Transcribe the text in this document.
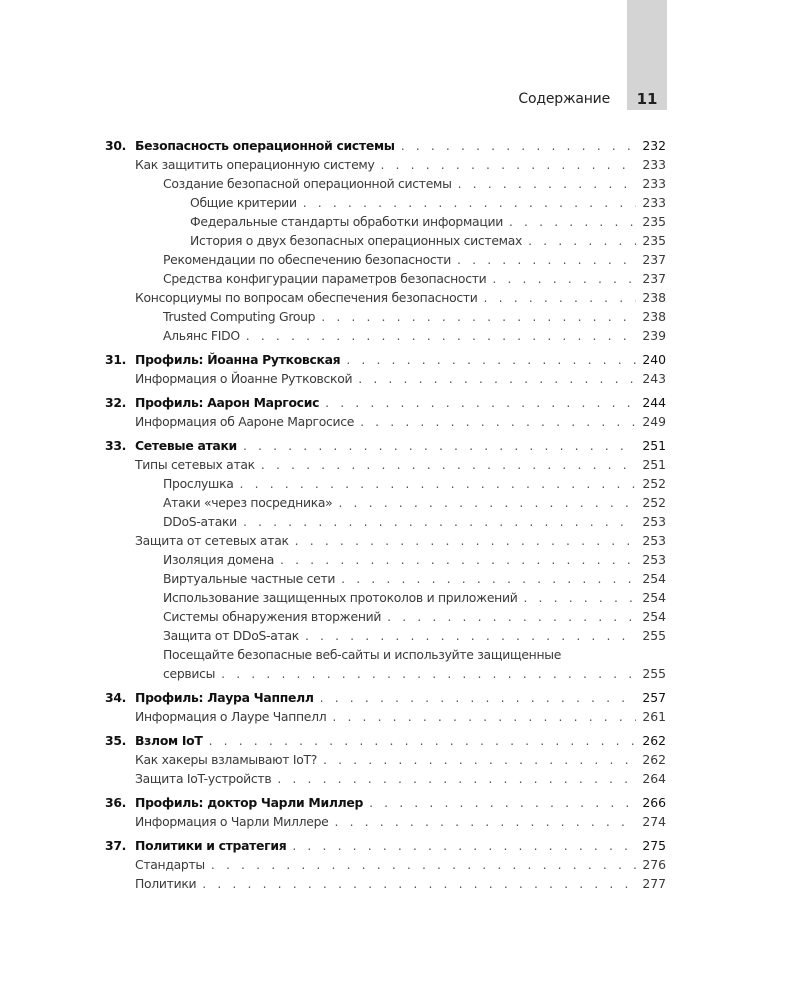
Содержание	11
30. Безопасность операционной системы . . .	232
Как защитить операционную систему . . .	233
Создание безопасной операционной системы . . .	233
Общие критерии . . .	233
Федеральные стандарты обработки информации . . .	235
История о двух безопасных операционных системах . . .	235
Рекомендации по обеспечению безопасности . . .	237
Средства конфигурации параметров безопасности . . .	237
Консорциумы по вопросам обеспечения безопасности . . .	238
Trusted Computing Group . . .	238
Альянс FIDO . . .	239
31. Профиль: Йоанна Рутковская . . .	240
Информация о Йоанне Рутковской . . .	243
32. Профиль: Аарон Маргосис . . .	244
Информация об Аароне Маргосисе . . .	249
33. Сетевые атаки . . .	251
Типы сетевых атак . . .	251
Прослушка . . .	252
Атаки «через посредника» . . .	252
DDoS-атаки . . .	253
Защита от сетевых атак . . .	253
Изоляция домена . . .	253
Виртуальные частные сети . . .	254
Использование защищенных протоколов и приложений . . .	254
Системы обнаружения вторжений . . .	254
Защита от DDoS-атак . . .	255
Посещайте безопасные веб-сайты и используйте защищенные
сервисы . . .	255
34. Профиль: Лаура Чаппелл . . .	257
Информация о Лауре Чаппелл . . .	261
35. Взлом IoT . . .	262
Как хакеры взламывают IoT? . . .	262
Защита IoT-устройств . . .	264
36. Профиль: доктор Чарли Миллер . . .	266
Информация о Чарли Миллере . . .	274
37. Политики и стратегия . . .	275
Стандарты . . .	276
Политики . . .	277
